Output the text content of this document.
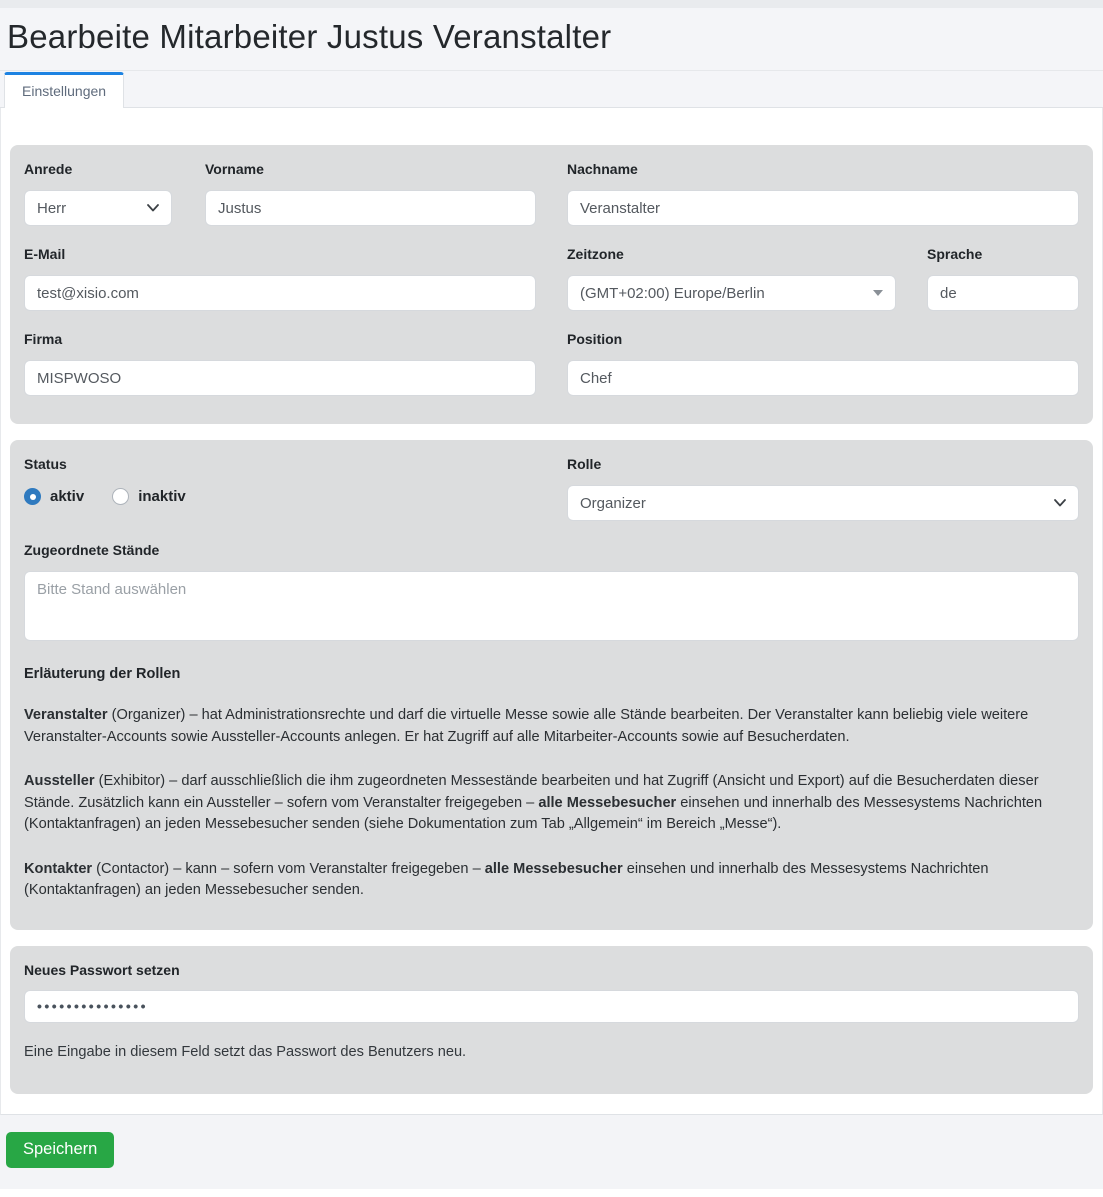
Bearbeite Mitarbeiter Justus Veranstalter
Einstellungen
Anrede
Herr
Vorname
Justus	Nachname
Veranstalter
E-Mail
test@xisio.com	Zeitzone
(GMT+02:00) Europe/Berlin
Sprache
de
Firma
MISPWOSO	Position
Chef
Status
aktiv	inaktiv
Rolle
Organizer
Zugeordnete Stände
Bitte Stand auswählen
Erläuterung der Rollen

Veranstalter (Organizer) – hat Administrationsrechte und darf die virtuelle Messe sowie alle Stände bearbeiten. Der Veranstalter kann beliebig viele weitere Veranstalter-Accounts sowie Aussteller-Accounts anlegen. Er hat Zugriff auf alle Mitarbeiter-Accounts sowie auf Besucherdaten.

Aussteller (Exhibitor) – darf ausschließlich die ihm zugeordneten Messestände bearbeiten und hat Zugriff (Ansicht und Export) auf die Besucherdaten dieser Stände. Zusätzlich kann ein Aussteller – sofern vom Veranstalter freigegeben – alle Messebesucher einsehen und innerhalb des Messesystems Nachrichten (Kontaktanfragen) an jeden Messebesucher senden (siehe Dokumentation zum Tab „Allgemein“ im Bereich „Messe“).

Kontakter (Contactor) – kann – sofern vom Veranstalter freigegeben – alle Messebesucher einsehen und innerhalb des Messesystems Nachrichten (Kontaktanfragen) an jeden Messebesucher senden.

Neues Passwort setzen
•••••••••••••••
Eine Eingabe in diesem Feld setzt das Passwort des Benutzers neu.
Speichern
